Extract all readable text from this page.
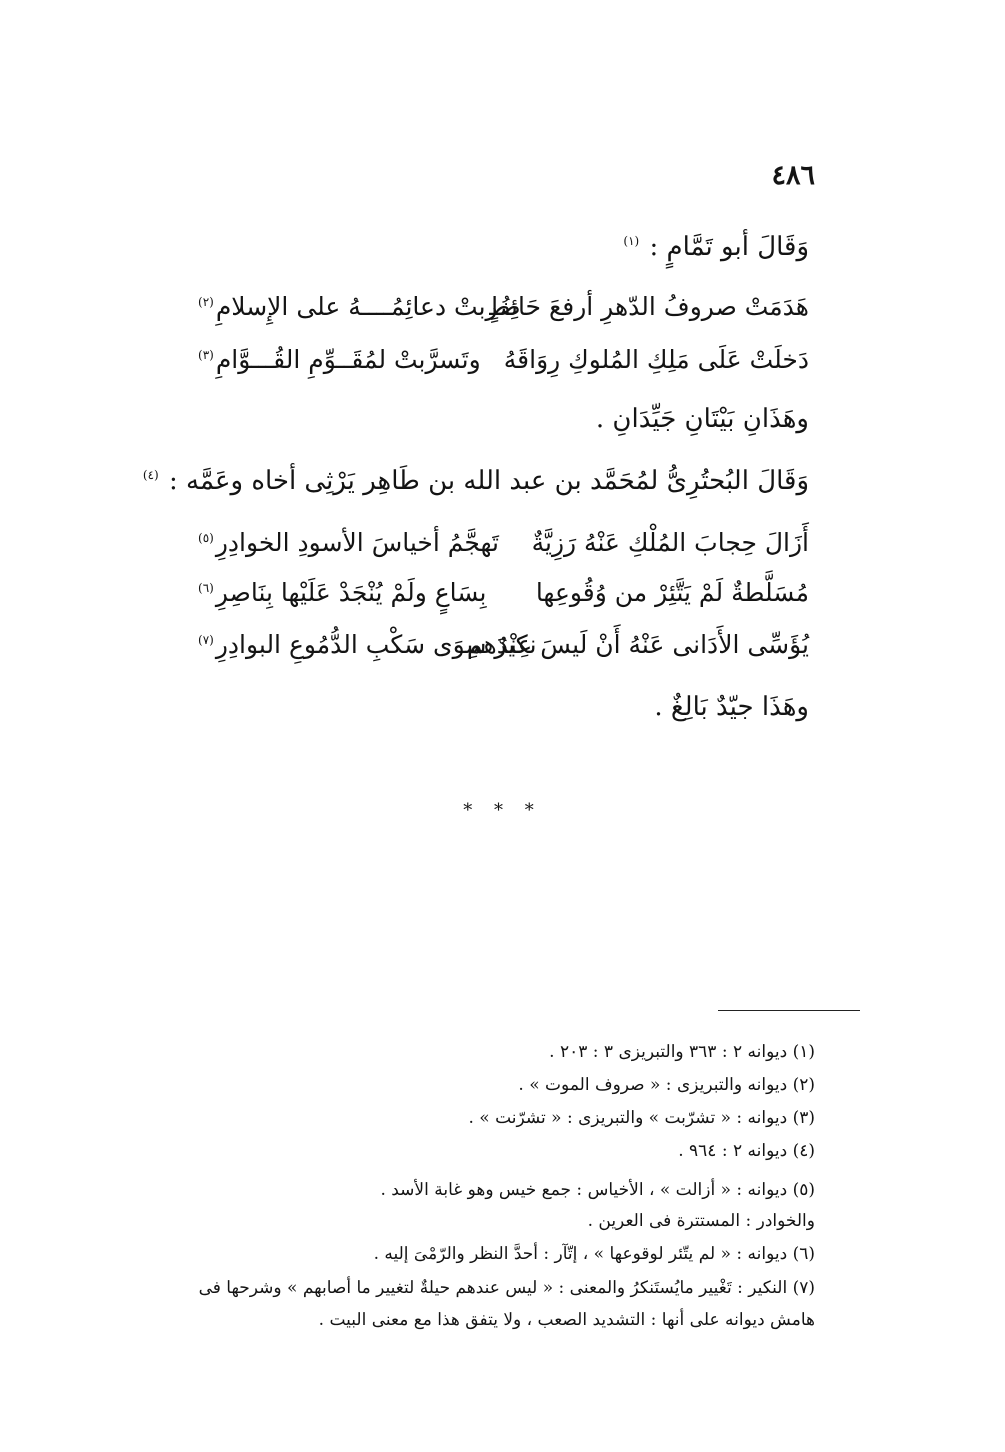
٤٨٦
وَقَالَ أبو تَمَّامٍ : $^{(١)}$
هَدَمَتْ صروفُ الدّهرِ أرفعَ حَائِطٍ
ضُربتْ دعائِمُــــهُ على الإِسلامِ$^{(٢)}$
دَخلَتْ عَلَى مَلِكِ المُلوكِ رِوَاقَهُ
وتَسرَّبتْ لمُقَــوِّمِ القُـــوَّامِ$^{(٣)}$
وهَذَانِ بَيْتَانِ جَيِّدَانِ .
وَقَالَ البُحتُرِىُّ لمُحَمَّد بن عبد الله بن طَاهِر يَرْثِى أخاه وعَمَّه : $^{(٤)}$
أَزَالَ حِجابَ المُلْكِ عَنْهُ رَزِيَّةٌ
تَهجَّمُ أخياسَ الأسودِ الخوادِرِ$^{(٥)}$
مُسَلَّطةٌ لَمْ يَتَّئِرْ من وُقُوعِها
بِسَاعٍ ولَمْ يُنْجَدْ عَلَيْها بِنَاصِرِ$^{(٦)}$
يُؤَسِّى الأَدَانى عَنْهُ أَنْ لَيسَ عِنْدَهم
نكيرٌ سِوَى سَكْبِ الدُّمُوعِ البوادِرِ$^{(٧)}$
وهَذَا جيّدٌ بَالِغٌ .
* * *
(١) ديوانه ٢ : ٣٦٣ والتبريزى ٣ : ٢٠٣ .
(٢) ديوانه والتبريزى : « صروف الموت » .
(٣) ديوانه : « تشرّبت » والتبريزى : « تشرّنت » .
(٤) ديوانه ٢ : ٩٦٤ .
(٥) ديوانه : « أزالت » ، الأخياس : جمع خيس وهو غابة الأسد .
والخوادر : المستترة فى العرين .
(٦) ديوانه : « لم يتّئر لوقوعها » ، إتّآر : أحدَّ النظر والرّمْىَ إليه .
(٧) النكير : تَغْيير مايُستَنكرُ والمعنى : « ليس عندهم حيلةٌ لتغيير ما أصابهم » وشرحها فى هامش ديوانه على أنها : التشديد الصعب ، ولا يتفق هذا مع معنى البيت .
